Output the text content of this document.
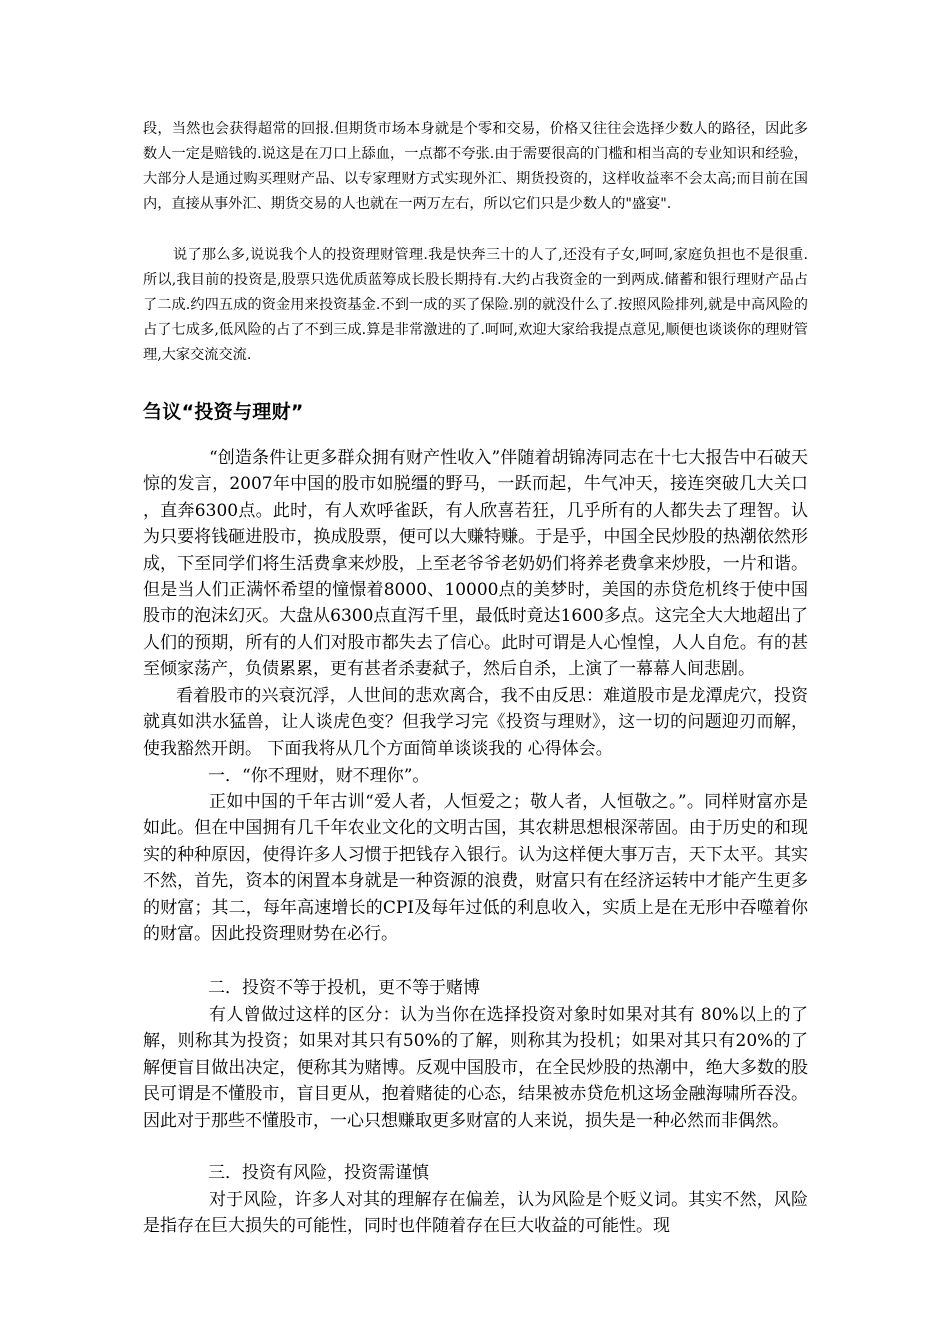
段，当然也会获得超常的回报.但期货市场本身就是个零和交易，价格又往往会选择少数人的路径，因此多数人一定是赔钱的.说这是在刀口上舔血，一点都不夸张.由于需要很高的门槛和相当高的专业知识和经验，大部分人是通过购买理财产品、以专家理财方式实现外汇、期货投资的，这样收益率不会太高;而目前在国内，直接从事外汇、期货交易的人也就在一两万左右，所以它们只是少数人的"盛宴".

说了那么多,说说我个人的投资理财管理.我是快奔三十的人了,还没有子女,呵呵,家庭负担也不是很重.所以,我目前的投资是,股票只选优质蓝筹成长股长期持有.大约占我资金的一到两成.储蓄和银行理财产品占了二成.约四五成的资金用来投资基金.不到一成的买了保险.别的就没什么了.按照风险排列,就是中高风险的占了七成多,低风险的占了不到三成.算是非常激进的了.呵呵,欢迎大家给我提点意见,顺便也谈谈你的理财管理,大家交流交流.

刍议“投资与理财”

“创造条件让更多群众拥有财产性收入”伴随着胡锦涛同志在十七大报告中石破天惊的发言，2007年中国的股市如脱缰的野马，一跃而起，牛气冲天，接连突破几大关口，直奔6300点。此时，有人欢呼雀跃，有人欣喜若狂，几乎所有的人都失去了理智。认为只要将钱砸进股市，换成股票，便可以大赚特赚。于是乎，中国全民炒股的热潮依然形成，下至同学们将生活费拿来炒股，上至老爷爷老奶奶们将养老费拿来炒股，一片和谐。但是当人们正满怀希望的憧憬着8000、10000点的美梦时，美国的赤贷危机终于使中国股市的泡沫幻灭。大盘从6300点直泻千里，最低时竟达1600多点。这完全大大地超出了人们的预期，所有的人们对股市都失去了信心。此时可谓是人心惶惶，人人自危。有的甚至倾家荡产，负债累累，更有甚者杀妻弑子，然后自杀，上演了一幕幕人间悲剧。

看着股市的兴衰沉浮，人世间的悲欢离合，我不由反思：难道股市是龙潭虎穴，投资就真如洪水猛兽，让人谈虎色变？但我学习完《投资与理财》，这一切的问题迎刃而解， 使我豁然开朗。 下面我将从几个方面简单谈谈我的 心得体会。

一．“你不理财，财不理你”。

正如中国的千年古训“爱人者，人恒爱之；敬人者，人恒敬之。”。同样财富亦是如此。但在中国拥有几千年农业文化的文明古国，其农耕思想根深蒂固。由于历史的和现实的种种原因，使得许多人习惯于把钱存入银行。认为这样便大事万吉，天下太平。其实不然，首先，资本的闲置本身就是一种资源的浪费，财富只有在经济运转中才能产生更多的财富；其二，每年高速增长的CPI及每年过低的利息收入，实质上是在无形中吞噬着你的财富。因此投资理财势在必行。

二．投资不等于投机，更不等于赌博

有人曾做过这样的区分：认为当你在选择投资对象时如果对其有 80%以上的了解，则称其为投资；如果对其只有50%的了解，则称其为投机；如果对其只有20%的了解便盲目做出决定，便称其为赌博。反观中国股市，在全民炒股的热潮中，绝大多数的股民可谓是不懂股市，盲目更从，抱着赌徒的心态，结果被赤贷危机这场金融海啸所吞没。因此对于那些不懂股市，一心只想赚取更多财富的人来说，损失是一种必然而非偶然。

三．投资有风险，投资需谨慎

对于风险，许多人对其的理解存在偏差，认为风险是个贬义词。其实不然，风险是指存在巨大损失的可能性，同时也伴随着存在巨大收益的可能性。现
